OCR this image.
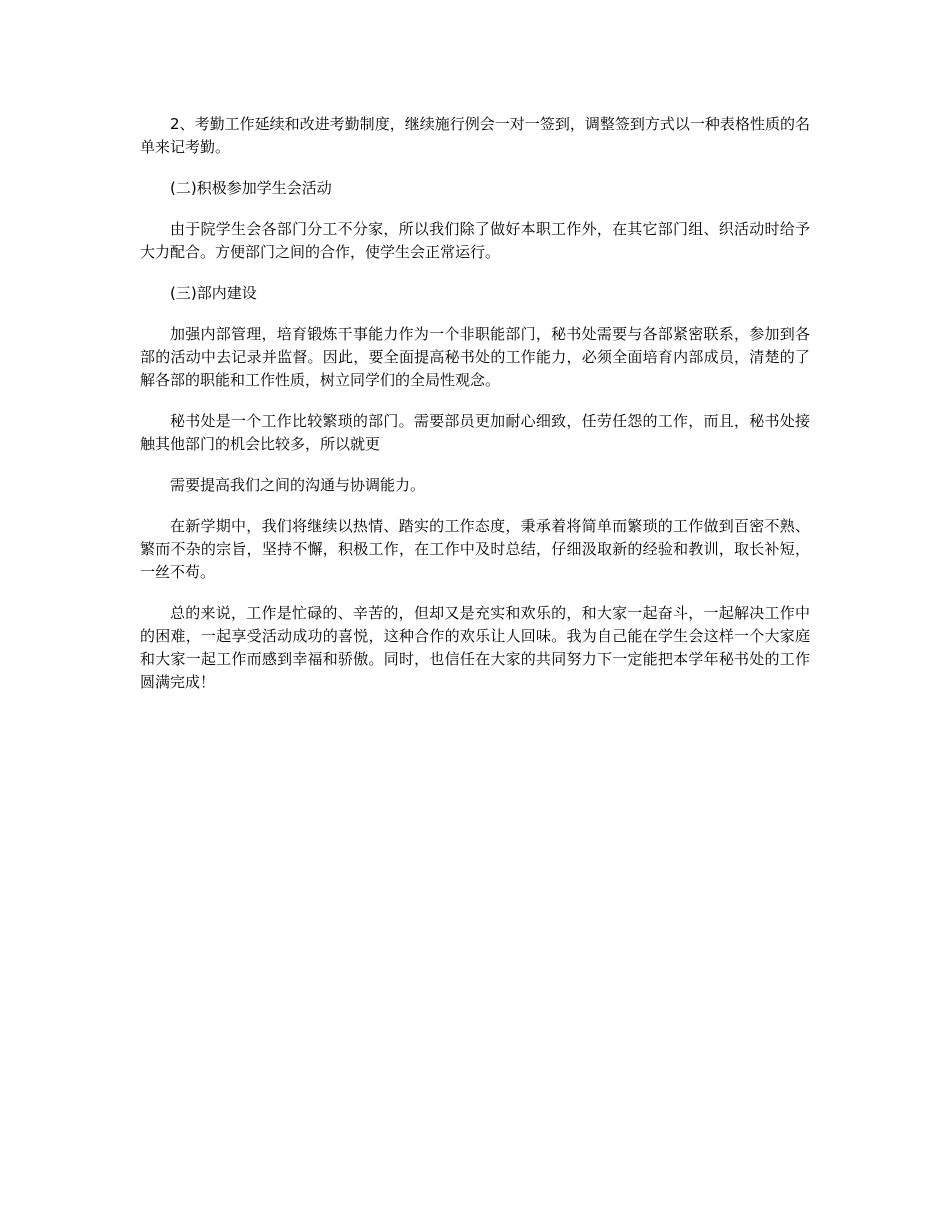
2、考勤工作延续和改进考勤制度，继续施行例会一对一签到，调整签到方式以一种表格性质的名单来记考勤。

(二)积极参加学生会活动

由于院学生会各部门分工不分家，所以我们除了做好本职工作外，在其它部门组、织活动时给予大力配合。方便部门之间的合作，使学生会正常运行。

(三)部内建设

加强内部管理，培育锻炼干事能力作为一个非职能部门，秘书处需要与各部紧密联系，参加到各部的活动中去记录并监督。因此，要全面提高秘书处的工作能力，必须全面培育内部成员，清楚的了解各部的职能和工作性质，树立同学们的全局性观念。

秘书处是一个工作比较繁琐的部门。需要部员更加耐心细致，任劳任怨的工作，而且，秘书处接触其他部门的机会比较多，所以就更

需要提高我们之间的沟通与协调能力。

在新学期中，我们将继续以热情、踏实的工作态度，秉承着将简单而繁琐的工作做到百密不熟、繁而不杂的宗旨，坚持不懈，积极工作，在工作中及时总结，仔细汲取新的经验和教训，取长补短，一丝不苟。

总的来说，工作是忙碌的、辛苦的，但却又是充实和欢乐的，和大家一起奋斗，一起解决工作中的困难，一起享受活动成功的喜悦，这种合作的欢乐让人回味。我为自己能在学生会这样一个大家庭和大家一起工作而感到幸福和骄傲。同时，也信任在大家的共同努力下一定能把本学年秘书处的工作圆满完成！
